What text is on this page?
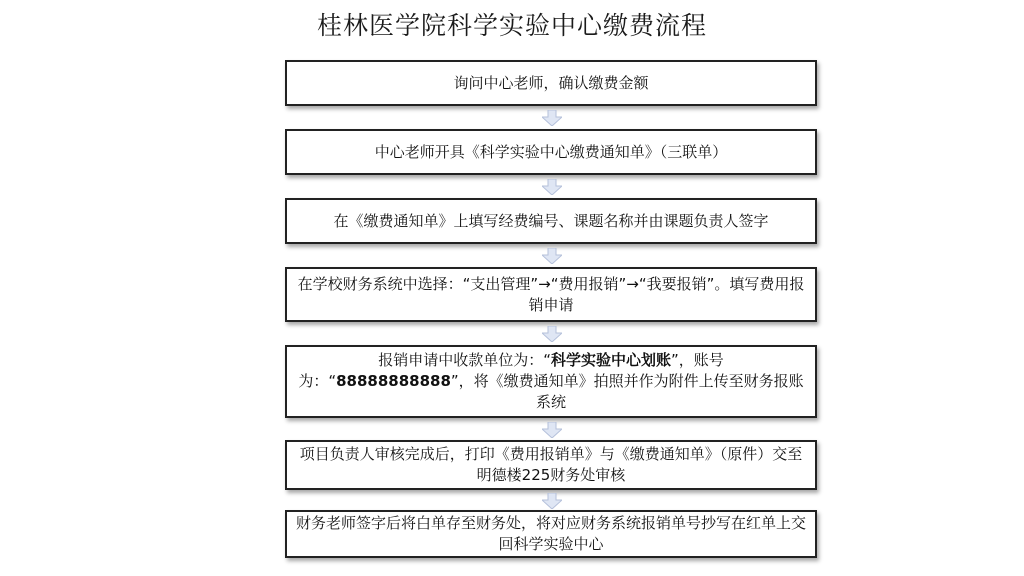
桂林医学院科学实验中心缴费流程
询问中心老师，确认缴费金额
中心老师开具《科学实验中心缴费通知单》（三联单）
在《缴费通知单》上填写经费编号、课题名称并由课题负责人签字
在学校财务系统中选择：“支出管理”→“费用报销”→“我要报销”。填写费用报销申请
报销申请中收款单位为：“科学实验中心划账”，账号为：“88888888888”，将《缴费通知单》拍照并作为附件上传至财务报账系统
项目负责人审核完成后，打印《费用报销单》与《缴费通知单》（原件）交至明德楼225财务处审核
财务老师签字后将白单存至财务处，将对应财务系统报销单号抄写在红单上交回科学实验中心
